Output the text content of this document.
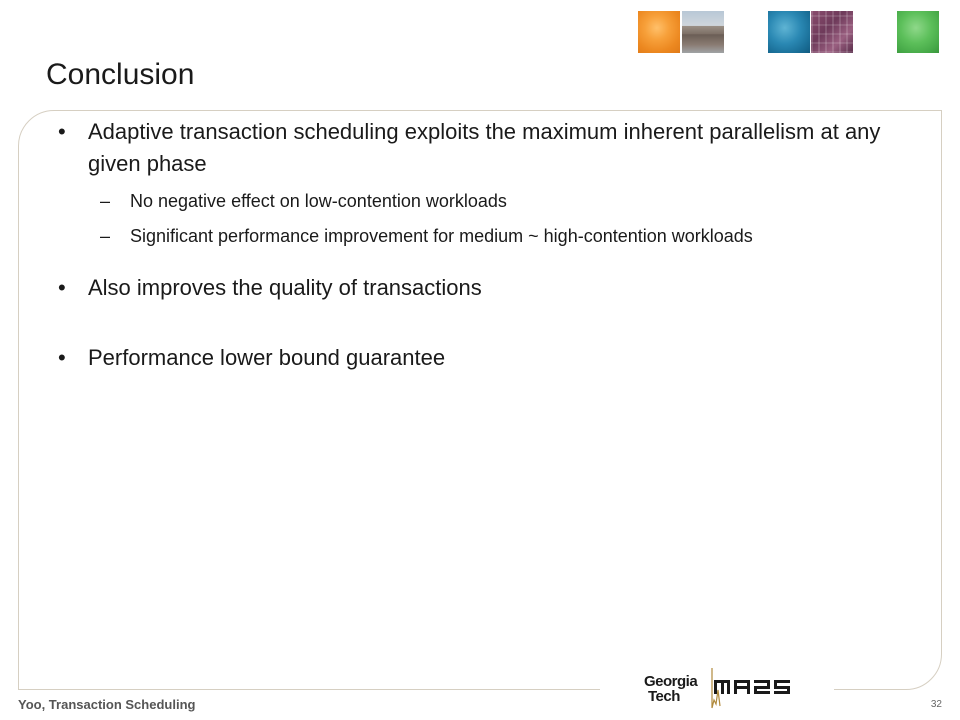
Conclusion
• Adaptive transaction scheduling exploits the maximum inherent parallelism at any given phase
– No negative effect on low-contention workloads
– Significant performance improvement for medium ~ high-contention workloads
• Also improves the quality of transactions
• Performance lower bound guarantee
Yoo, Transaction Scheduling
Georgia
Tech	32
